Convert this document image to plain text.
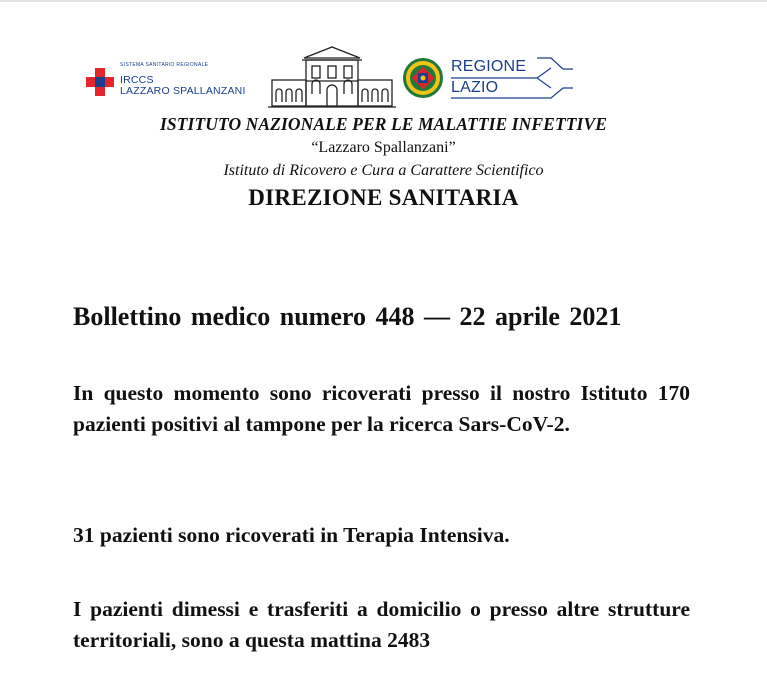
SISTEMA SANITARIO REGIONALE
IRCCS
LAZZARO SPALLANZANI
REGIONE
LAZIO
ISTITUTO NAZIONALE PER LE MALATTIE INFETTIVE
“Lazzaro Spallanzani”
Istituto di Ricovero e Cura a Carattere Scientifico
DIREZIONE SANITARIA
Bollettino medico numero 448 — 22 aprile 2021
In questo momento sono ricoverati presso il nostro Istituto 170 pazienti positivi al tampone per la ricerca Sars-CoV-2.
31 pazienti sono ricoverati in Terapia Intensiva.
I pazienti dimessi e trasferiti a domicilio o presso altre strutture territoriali, sono a questa mattina 2483
